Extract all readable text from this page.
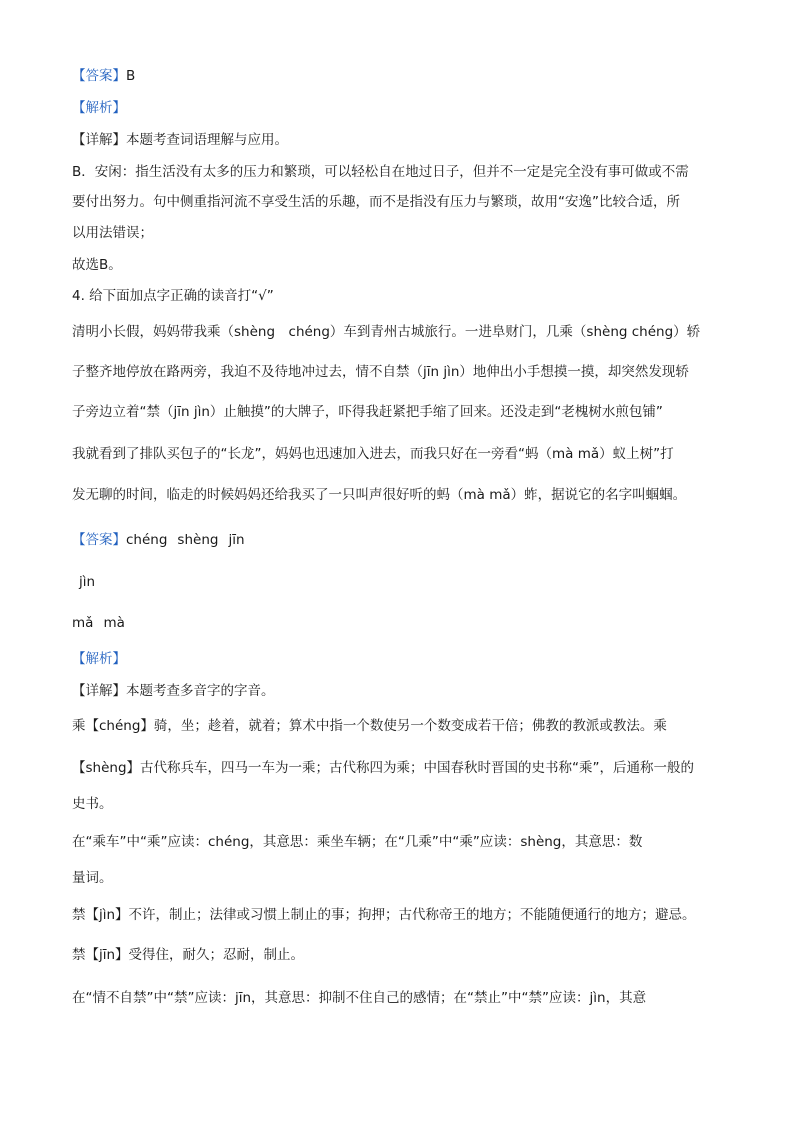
【答案】B
【解析】
【详解】本题考查词语理解与应用。
B．安闲：指生活没有太多的压力和繁琐，可以轻松自在地过日子，但并不一定是完全没有事可做或不需
要付出努力。句中侧重指河流不享受生活的乐趣，而不是指没有压力与繁琐，故用“安逸”比较合适，所
以用法错误；
故选B。
4. 给下面加点字正确的读音打“√”
清明小长假，妈妈带我乘（shèng　chéng）车到青州古城旅行。一进阜财门，几乘（shèng chéng）轿
子整齐地停放在路两旁，我迫不及待地冲过去，情不自禁（jīn jìn）地伸出小手想摸一摸，却突然发现轿
子旁边立着“禁（jīn jìn）止触摸”的大牌子，吓得我赶紧把手缩了回来。还没走到“老槐树水煎包铺”
我就看到了排队买包子的“长龙”，妈妈也迅速加入进去，而我只好在一旁看“蚂（mà mǎ）蚁上树”打
发无聊的时间，临走的时候妈妈还给我买了一只叫声很好听的蚂（mà mǎ）蚱，据说它的名字叫蝈蝈。
【答案】chéng shèng jīn
jìn
mǎ mà
【解析】
【详解】本题考查多音字的字音。
乘【chéng】骑，坐；趁着，就着；算术中指一个数使另一个数变成若干倍；佛教的教派或教法。乘
【shèng】古代称兵车，四马一车为一乘；古代称四为乘；中国春秋时晋国的史书称“乘”，后通称一般的
史书。
在“乘车”中“乘”应读：chéng，其意思：乘坐车辆；在“几乘”中“乘”应读：shèng，其意思：数
量词。
禁【jìn】不许，制止；法律或习惯上制止的事；拘押；古代称帝王的地方；不能随便通行的地方；避忌。
禁【jīn】受得住，耐久；忍耐，制止。
在“情不自禁”中“禁”应读：jīn，其意思：抑制不住自己的感情；在“禁止”中“禁”应读：jìn，其意
